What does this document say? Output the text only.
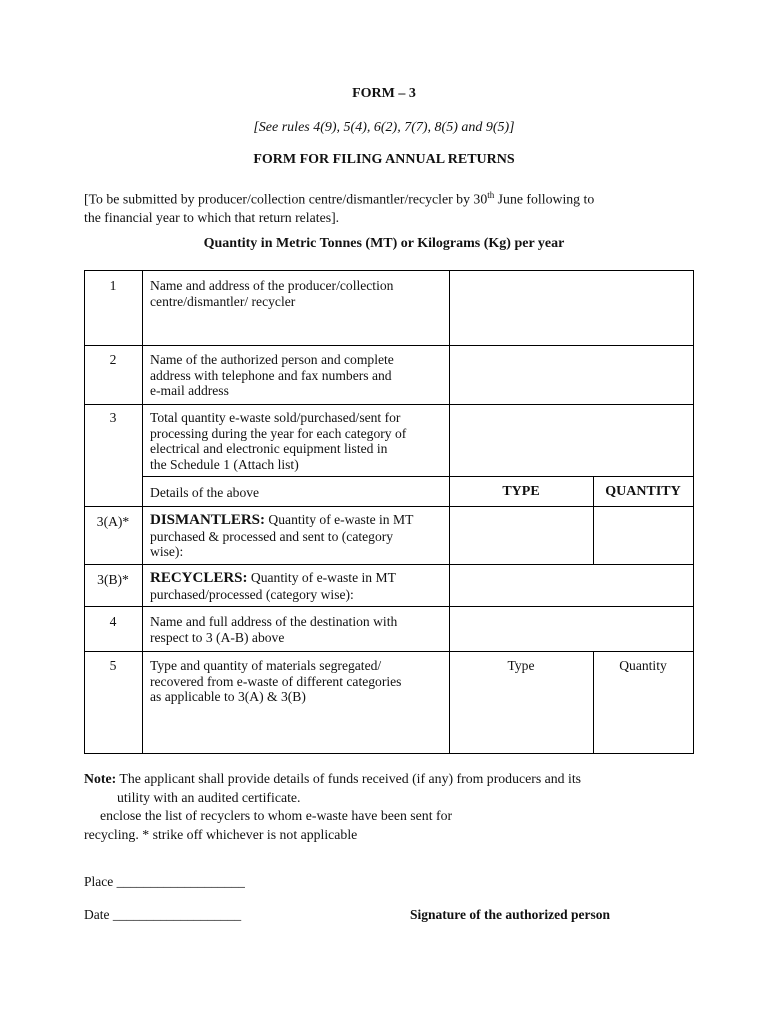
FORM – 3
[See rules 4(9), 5(4), 6(2), 7(7), 8(5) and 9(5)]
FORM FOR FILING ANNUAL RETURNS
[To be submitted by producer/collection centre/dismantler/recycler by 30th June following to
the financial year to which that return relates].
Quantity in Metric Tonnes (MT) or Kilograms (Kg) per year
1	Name and address of the producer/collection
centre/dismantler/ recycler
2	Name of the authorized person and complete
address with telephone and fax numbers and
e-mail address
3	Total quantity e-waste sold/purchased/sent for
processing during the year for each category of
electrical and electronic equipment listed in
the Schedule 1 (Attach list)
Details of the above	TYPE	QUANTITY
3(A)*	DISMANTLERS: Quantity of e-waste in MT
purchased & processed and sent to (category
wise):
3(B)*	RECYCLERS: Quantity of e-waste in MT
purchased/processed (category wise):
4	Name and full address of the destination with
respect to 3 (A-B) above
5	Type and quantity of materials segregated/
recovered from e-waste of different categories
as applicable to 3(A) & 3(B)
Type	Quantity
Note: The applicant shall provide details of funds received (if any) from producers and its
utility with an audited certificate.
enclose the list of recyclers to whom e-waste have been sent for
recycling. * strike off whichever is not applicable
Place ___________________
Date ___________________	Signature of the authorized person
